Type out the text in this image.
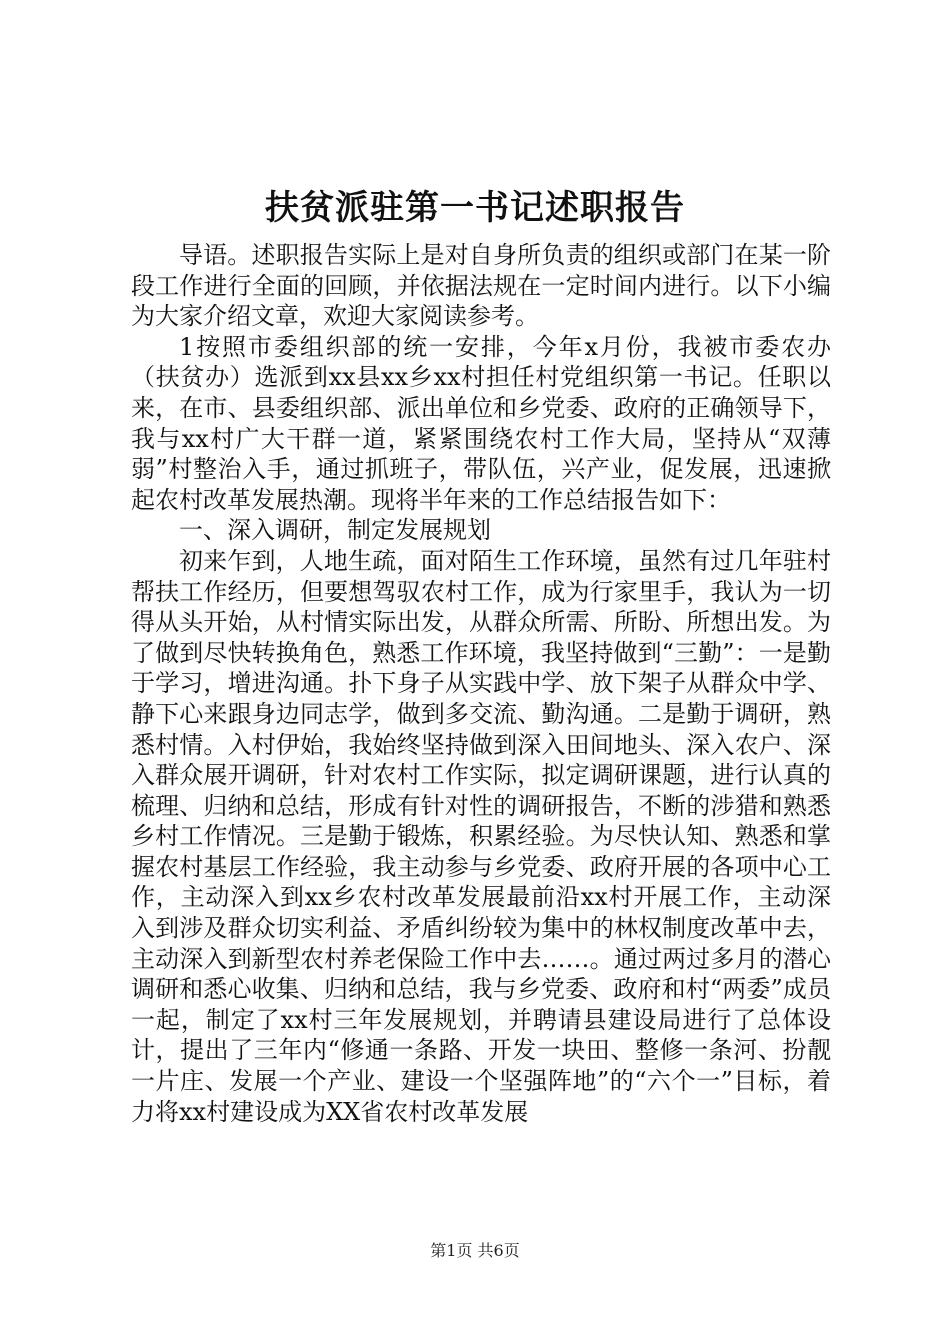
扶贫派驻第一书记述职报告

导语。述职报告实际上是对自身所负责的组织或部门在某一阶段工作进行全面的回顾，并依据法规在一定时间内进行。以下小编为大家介绍文章，欢迎大家阅读参考。

1按照市委组织部的统一安排，今年x月份，我被市委农办（扶贫办）选派到xx县xx乡xx村担任村党组织第一书记。任职以来，在市、县委组织部、派出单位和乡党委、政府的正确领导下，我与xx村广大干群一道，紧紧围绕农村工作大局，坚持从“双薄弱”村整治入手，通过抓班子，带队伍，兴产业，促发展，迅速掀起农村改革发展热潮。现将半年来的工作总结报告如下：

一、深入调研，制定发展规划

初来乍到，人地生疏，面对陌生工作环境，虽然有过几年驻村帮扶工作经历，但要想驾驭农村工作，成为行家里手，我认为一切得从头开始，从村情实际出发，从群众所需、所盼、所想出发。为了做到尽快转换角色，熟悉工作环境，我坚持做到“三勤”：一是勤于学习，增进沟通。扑下身子从实践中学、放下架子从群众中学、静下心来跟身边同志学，做到多交流、勤沟通。二是勤于调研，熟悉村情。入村伊始，我始终坚持做到深入田间地头、深入农户、深入群众展开调研，针对农村工作实际，拟定调研课题，进行认真的梳理、归纳和总结，形成有针对性的调研报告，不断的涉猎和熟悉乡村工作情况。三是勤于锻炼，积累经验。为尽快认知、熟悉和掌握农村基层工作经验，我主动参与乡党委、政府开展的各项中心工作，主动深入到xx乡农村改革发展最前沿xx村开展工作，主动深入到涉及群众切实利益、矛盾纠纷较为集中的林权制度改革中去，主动深入到新型农村养老保险工作中去……。通过两过多月的潜心调研和悉心收集、归纳和总结，我与乡党委、政府和村“两委”成员一起，制定了xx村三年发展规划，并聘请县建设局进行了总体设计，提出了三年内“修通一条路、开发一块田、整修一条河、扮靓一片庄、发展一个产业、建设一个坚强阵地”的“六个一”目标，着力将xx村建设成为XX省农村改革发展

第1页 共6页
